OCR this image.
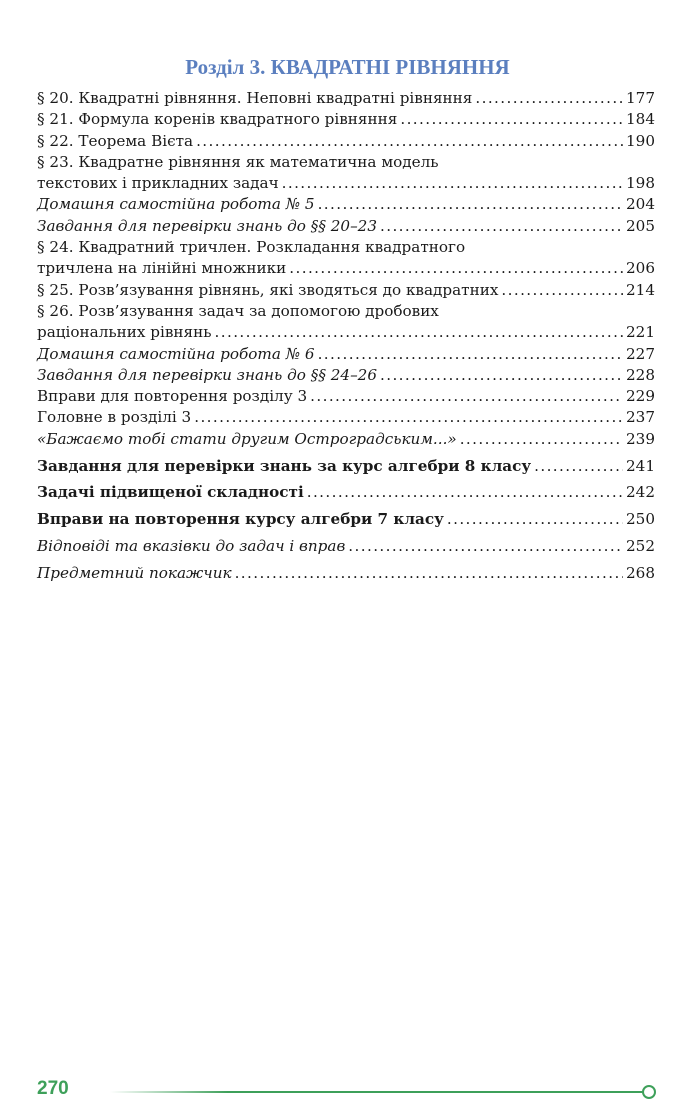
Розділ 3. КВАДРАТНІ РІВНЯННЯ
§ 20. Квадратні рівняння. Неповні квадратні рівняння .....	177
§ 21. Формула коренів квадратного рівняння .....	184
§ 22. Теорема Вієта .....	190
§ 23. Квадратне рівняння як математична модель
текстових і прикладних задач .....	198
Домашня самостійна робота № 5 .....	204
Завдання для перевірки знань до §§ 20–23 .....	205
§ 24. Квадратний тричлен. Розкладання квадратного
тричлена на лінійні множники .....	206
§ 25. Розв’язування рівнянь, які зводяться до квадратних .....	214
§ 26. Розв’язування задач за допомогою дробових
раціональних рівнянь .....	221
Домашня самостійна робота № 6 .....	227
Завдання для перевірки знань до §§ 24–26 .....	228
Вправи для повторення розділу 3 .....	229
Головне в розділі 3 .....	237
«Бажаємо тобі стати другим Остроградським...» .....	239
Завдання для перевірки знань за курс алгебри 8 класу .....	241
Задачі підвищеної складності .....	242
Вправи на повторення курсу алгебри 7 класу .....	250
Відповіді та вказівки до задач і вправ .....	252
Предметний покажчик .....	268
270
